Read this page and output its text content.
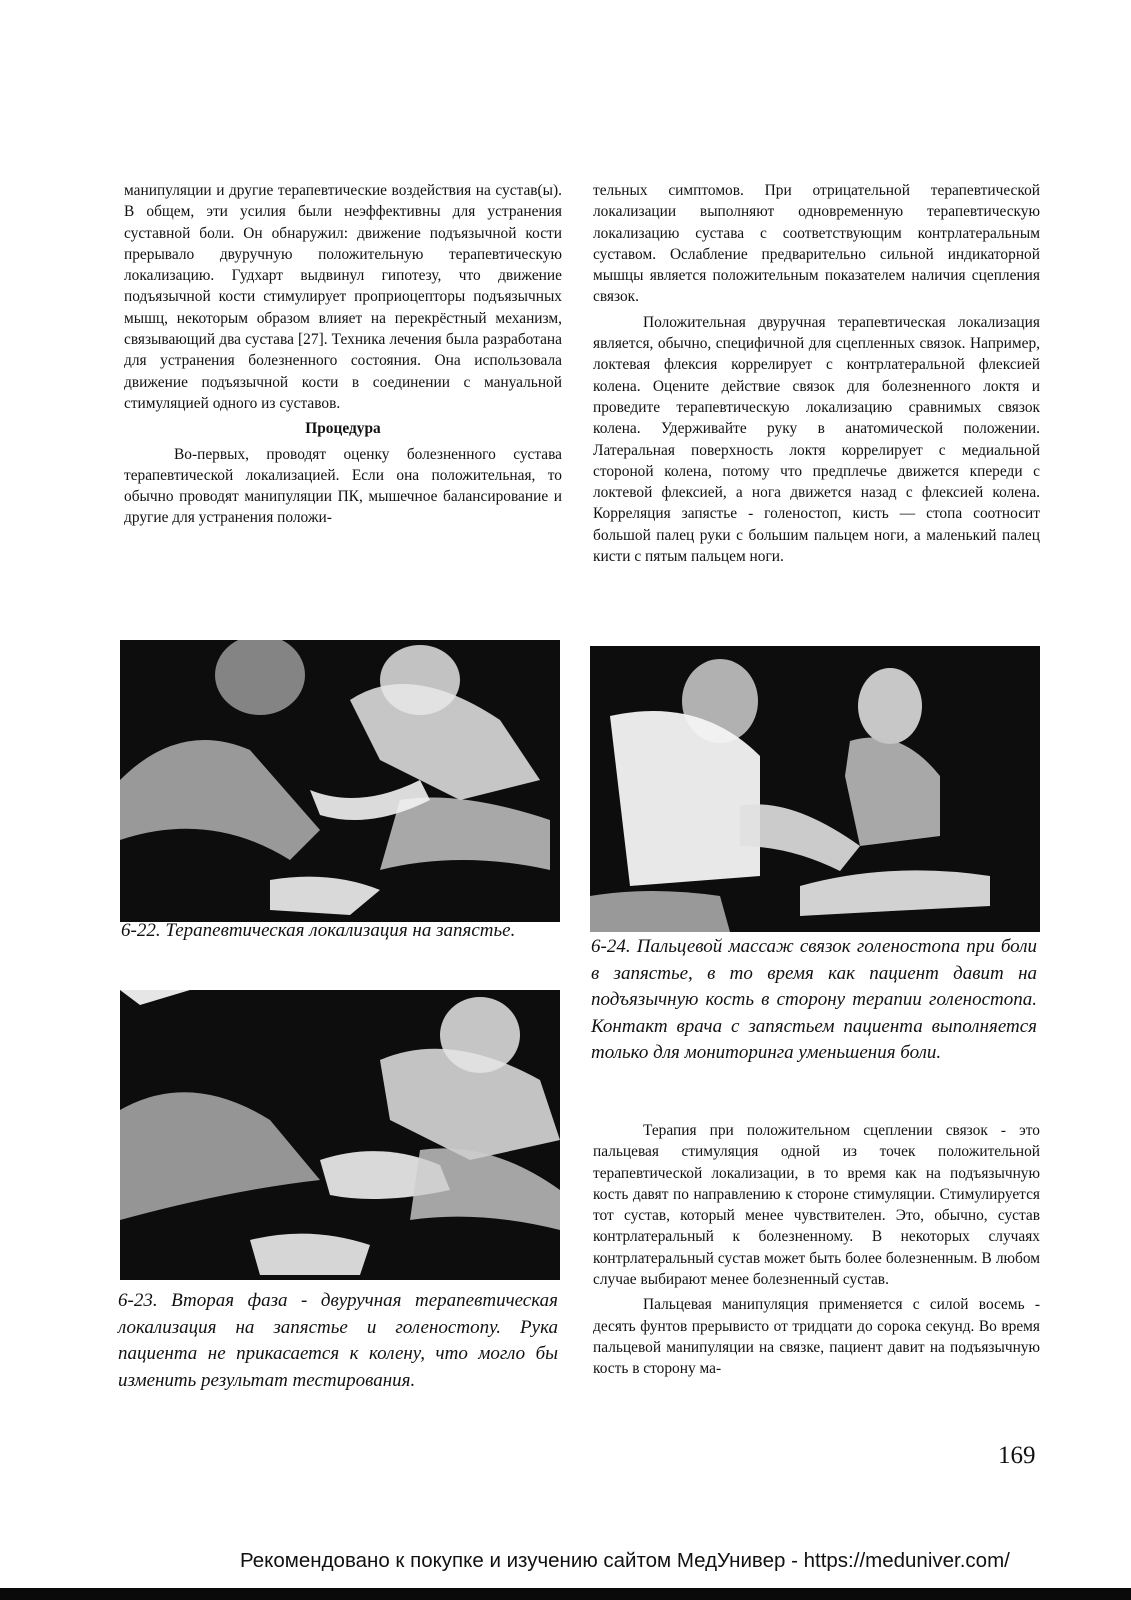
манипуляции и другие терапевтические воздействия на сустав(ы). В общем, эти усилия были неэффективны для устранения суставной боли. Он обнаружил: движение подъязычной кости прерывало двуручную положительную терапевтическую локализацию. Гудхарт выдвинул гипотезу, что движение подъязычной кости стимулирует проприоцепторы подъязычных мышц, некоторым образом влияет на перекрёстный механизм, связывающий два сустава [27]. Техника лечения была разработана для устранения болезненного состояния. Она использовала движение подъязычной кости в соединении с мануальной стимуляцией одного из суставов.

Процедура

Во-первых, проводят оценку болезненного сустава терапевтической локализацией. Если она положительная, то обычно проводят манипуляции ПК, мышечное балансирование и другие для устранения положи-

тельных симптомов. При отрицательной терапевтической локализации выполняют одновременную терапевтическую локализацию сустава с соответствующим контрлатеральным суставом. Ослабление предварительно сильной индикаторной мышцы является положительным показателем наличия сцепления связок.

Положительная двуручная терапевтическая локализация является, обычно, специфичной для сцепленных связок. Например, локтевая флексия коррелирует с контрлатеральной флексией колена. Оцените действие связок для болезненного локтя и проведите терапевтическую локализацию сравнимых связок колена. Удерживайте руку в анатомической положении. Латеральная поверхность локтя коррелирует с медиальной стороной колена, потому что предплечье движется кпереди с локтевой флексией, а нога движется назад с флексией колена. Корреляция запястье - голеностоп, кисть — стопа соотносит большой палец руки с большим пальцем ноги, а маленький палец кисти с пятым пальцем ноги.

6-22. Терапевтическая локализация на запястье.
6-23. Вторая фаза - двуручная терапевтическая локализация на запястье и голеностопу. Рука пациента не прикасается к колену, что могло бы изменить результат тестирования.
6-24. Пальцевой массаж связок голеностопа при боли в запястье, в то время как пациент давит на подъязычную кость в сторону терапии голеностопа. Контакт врача с запястьем пациента выполняется только для мониторинга уменьшения боли.

Терапия при положительном сцеплении связок - это пальцевая стимуляция одной из точек положительной терапевтической локализации, в то время как на подъязычную кость давят по направлению к стороне стимуляции. Стимулируется тот сустав, который менее чувствителен. Это, обычно, сустав контрлатеральный к болезненному. В некоторых случаях контрлатеральный сустав может быть более болезненным. В любом случае выбирают менее болезненный сустав.

Пальцевая манипуляция применяется с силой восемь - десять фунтов прерывисто от тридцати до сорока секунд. Во время пальцевой манипуляции на связке, пациент давит на подъязычную кость в сторону ма-

169
Рекомендовано к покупке и изучению сайтом МедУнивер - https://meduniver.com/
